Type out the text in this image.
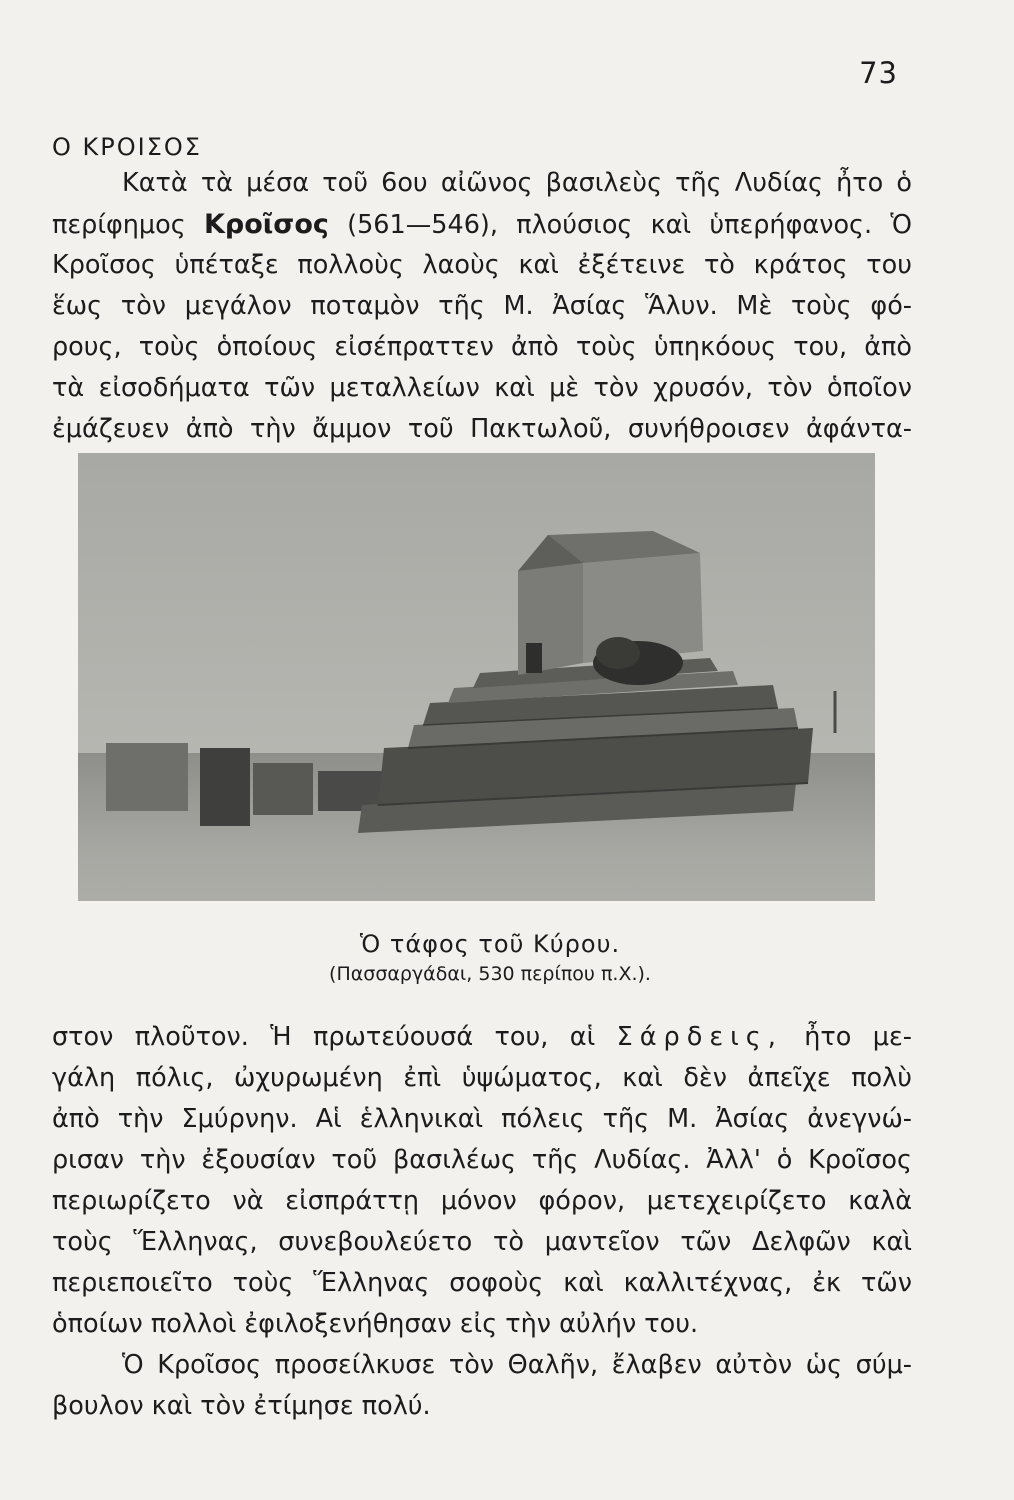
73
Ο ΚΡΟΙΣΟΣ
Κατὰ τὰ μέσα τοῦ 6ου αἰῶνος βασιλεὺς τῆς Λυδίας ἦτο ὁ
περίφημος Κροῖσος (561—546), πλούσιος καὶ ὑπερήφανος. Ὁ
Κροῖσος ὑπέταξε πολλοὺς λαοὺς καὶ ἐξέτεινε τὸ κράτος του
ἕως τὸν μεγάλον ποταμὸν τῆς Μ. Ἀσίας Ἅλυν. Μὲ τοὺς φό-
ρους, τοὺς ὁποίους εἰσέπραττεν ἀπὸ τοὺς ὑπηκόους του, ἀπὸ
τὰ εἰσοδήματα τῶν μεταλλείων καὶ μὲ τὸν χρυσόν, τὸν ὁποῖον
ἐμάζευεν ἀπὸ τὴν ἄμμον τοῦ Πακτωλοῦ, συνήθροισεν ἀφάντα-
Ὁ τάφος τοῦ Κύρου.
(Πασσαργάδαι, 530 περίπου π.Χ.).
στον πλοῦτον. Ἡ πρωτεύουσά του, αἱ Σάρδεις, ἦτο με-
γάλη πόλις, ὠχυρωμένη ἐπὶ ὑψώματος, καὶ δὲν ἀπεῖχε πολὺ
ἀπὸ τὴν Σμύρνην. Αἱ ἑλληνικαὶ πόλεις τῆς Μ. Ἀσίας ἀνεγνώ-
ρισαν τὴν ἐξουσίαν τοῦ βασιλέως τῆς Λυδίας. Ἀλλ' ὁ Κροῖσος
περιωρίζετο νὰ εἰσπράττῃ μόνον φόρον, μετεχειρίζετο καλὰ
τοὺς Ἕλληνας, συνεβουλεύετο τὸ μαντεῖον τῶν Δελφῶν καὶ
περιεποιεῖτο τοὺς Ἕλληνας σοφοὺς καὶ καλλιτέχνας, ἐκ τῶν
ὁποίων πολλοὶ ἐφιλοξενήθησαν εἰς τὴν αὐλήν του.
Ὁ Κροῖσος προσείλκυσε τὸν Θαλῆν, ἔλαβεν αὐτὸν ὡς σύμ-
βουλον καὶ τὸν ἐτίμησε πολύ.
